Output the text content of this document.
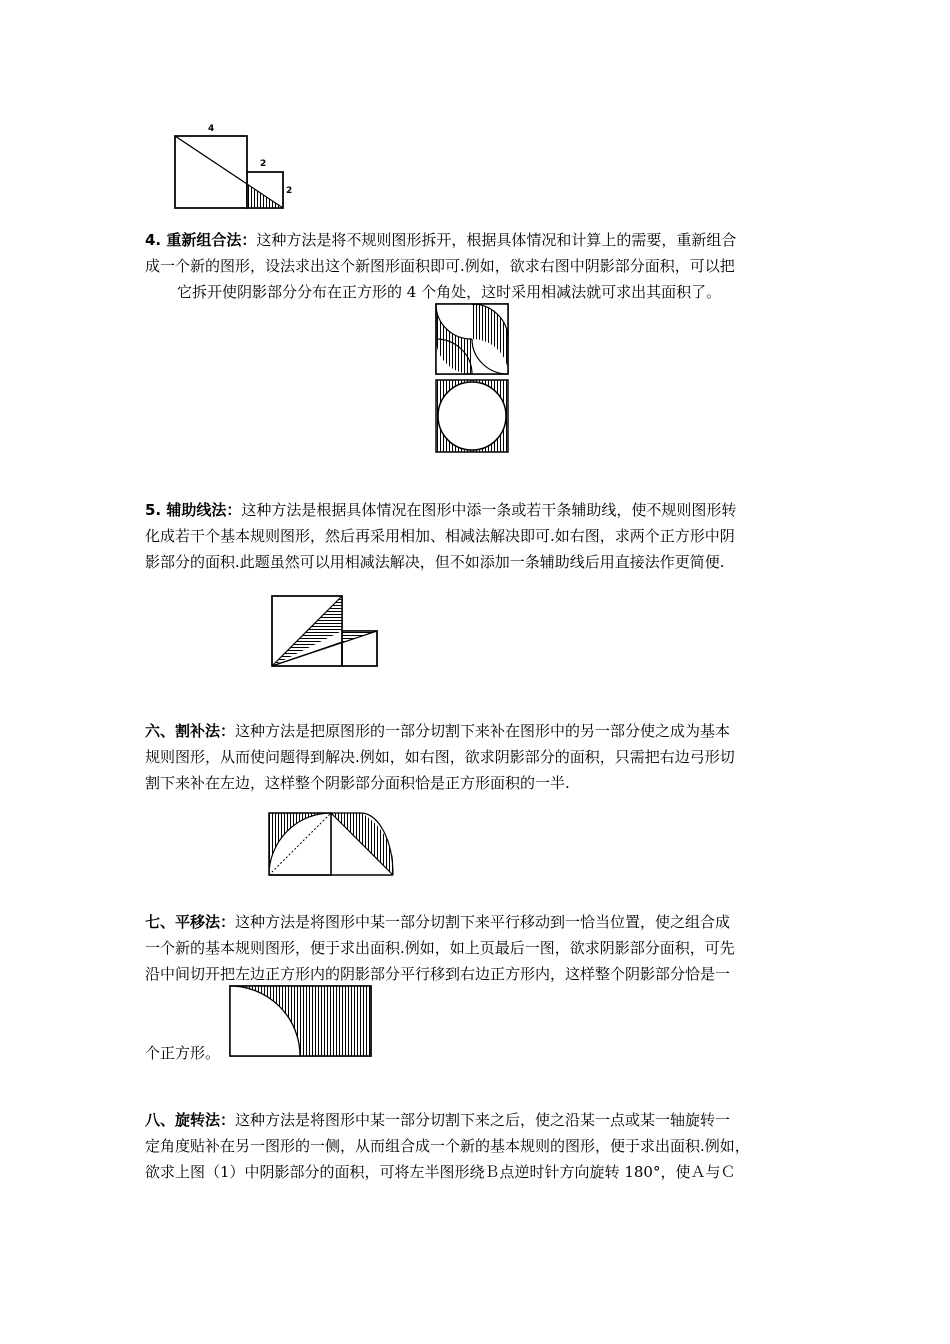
4
2
2

4. 重新组合法：这种方法是将不规则图形拆开，根据具体情况和计算上的需要，重新组合

成一个新的图形，设法求出这个新图形面积即可.例如，欲求右图中阴影部分面积，可以把

它拆开使阴影部分分布在正方形的 4 个角处，这时采用相减法就可求出其面积了。

5. 辅助线法：这种方法是根据具体情况在图形中添一条或若干条辅助线，使不规则图形转

化成若干个基本规则图形，然后再采用相加、相减法解决即可.如右图，求两个正方形中阴

影部分的面积.此题虽然可以用相减法解决，但不如添加一条辅助线后用直接法作更简便.

六、割补法：这种方法是把原图形的一部分切割下来补在图形中的另一部分使之成为基本

规则图形，从而使问题得到解决.例如，如右图，欲求阴影部分的面积，只需把右边弓形切

割下来补在左边，这样整个阴影部分面积恰是正方形面积的一半.

七、平移法：这种方法是将图形中某一部分切割下来平行移动到一恰当位置，使之组合成

一个新的基本规则图形，便于求出面积.例如，如上页最后一图，欲求阴影部分面积，可先

沿中间切开把左边正方形内的阴影部分平行移到右边正方形内，这样整个阴影部分恰是一

个正方形。

八、旋转法：这种方法是将图形中某一部分切割下来之后，使之沿某一点或某一轴旋转一

定角度贴补在另一图形的一侧，从而组合成一个新的基本规则的图形，便于求出面积.例如，

欲求上图（1）中阴影部分的面积，可将左半图形绕Ｂ点逆时针方向旋转 180°，使Ａ与Ｃ
